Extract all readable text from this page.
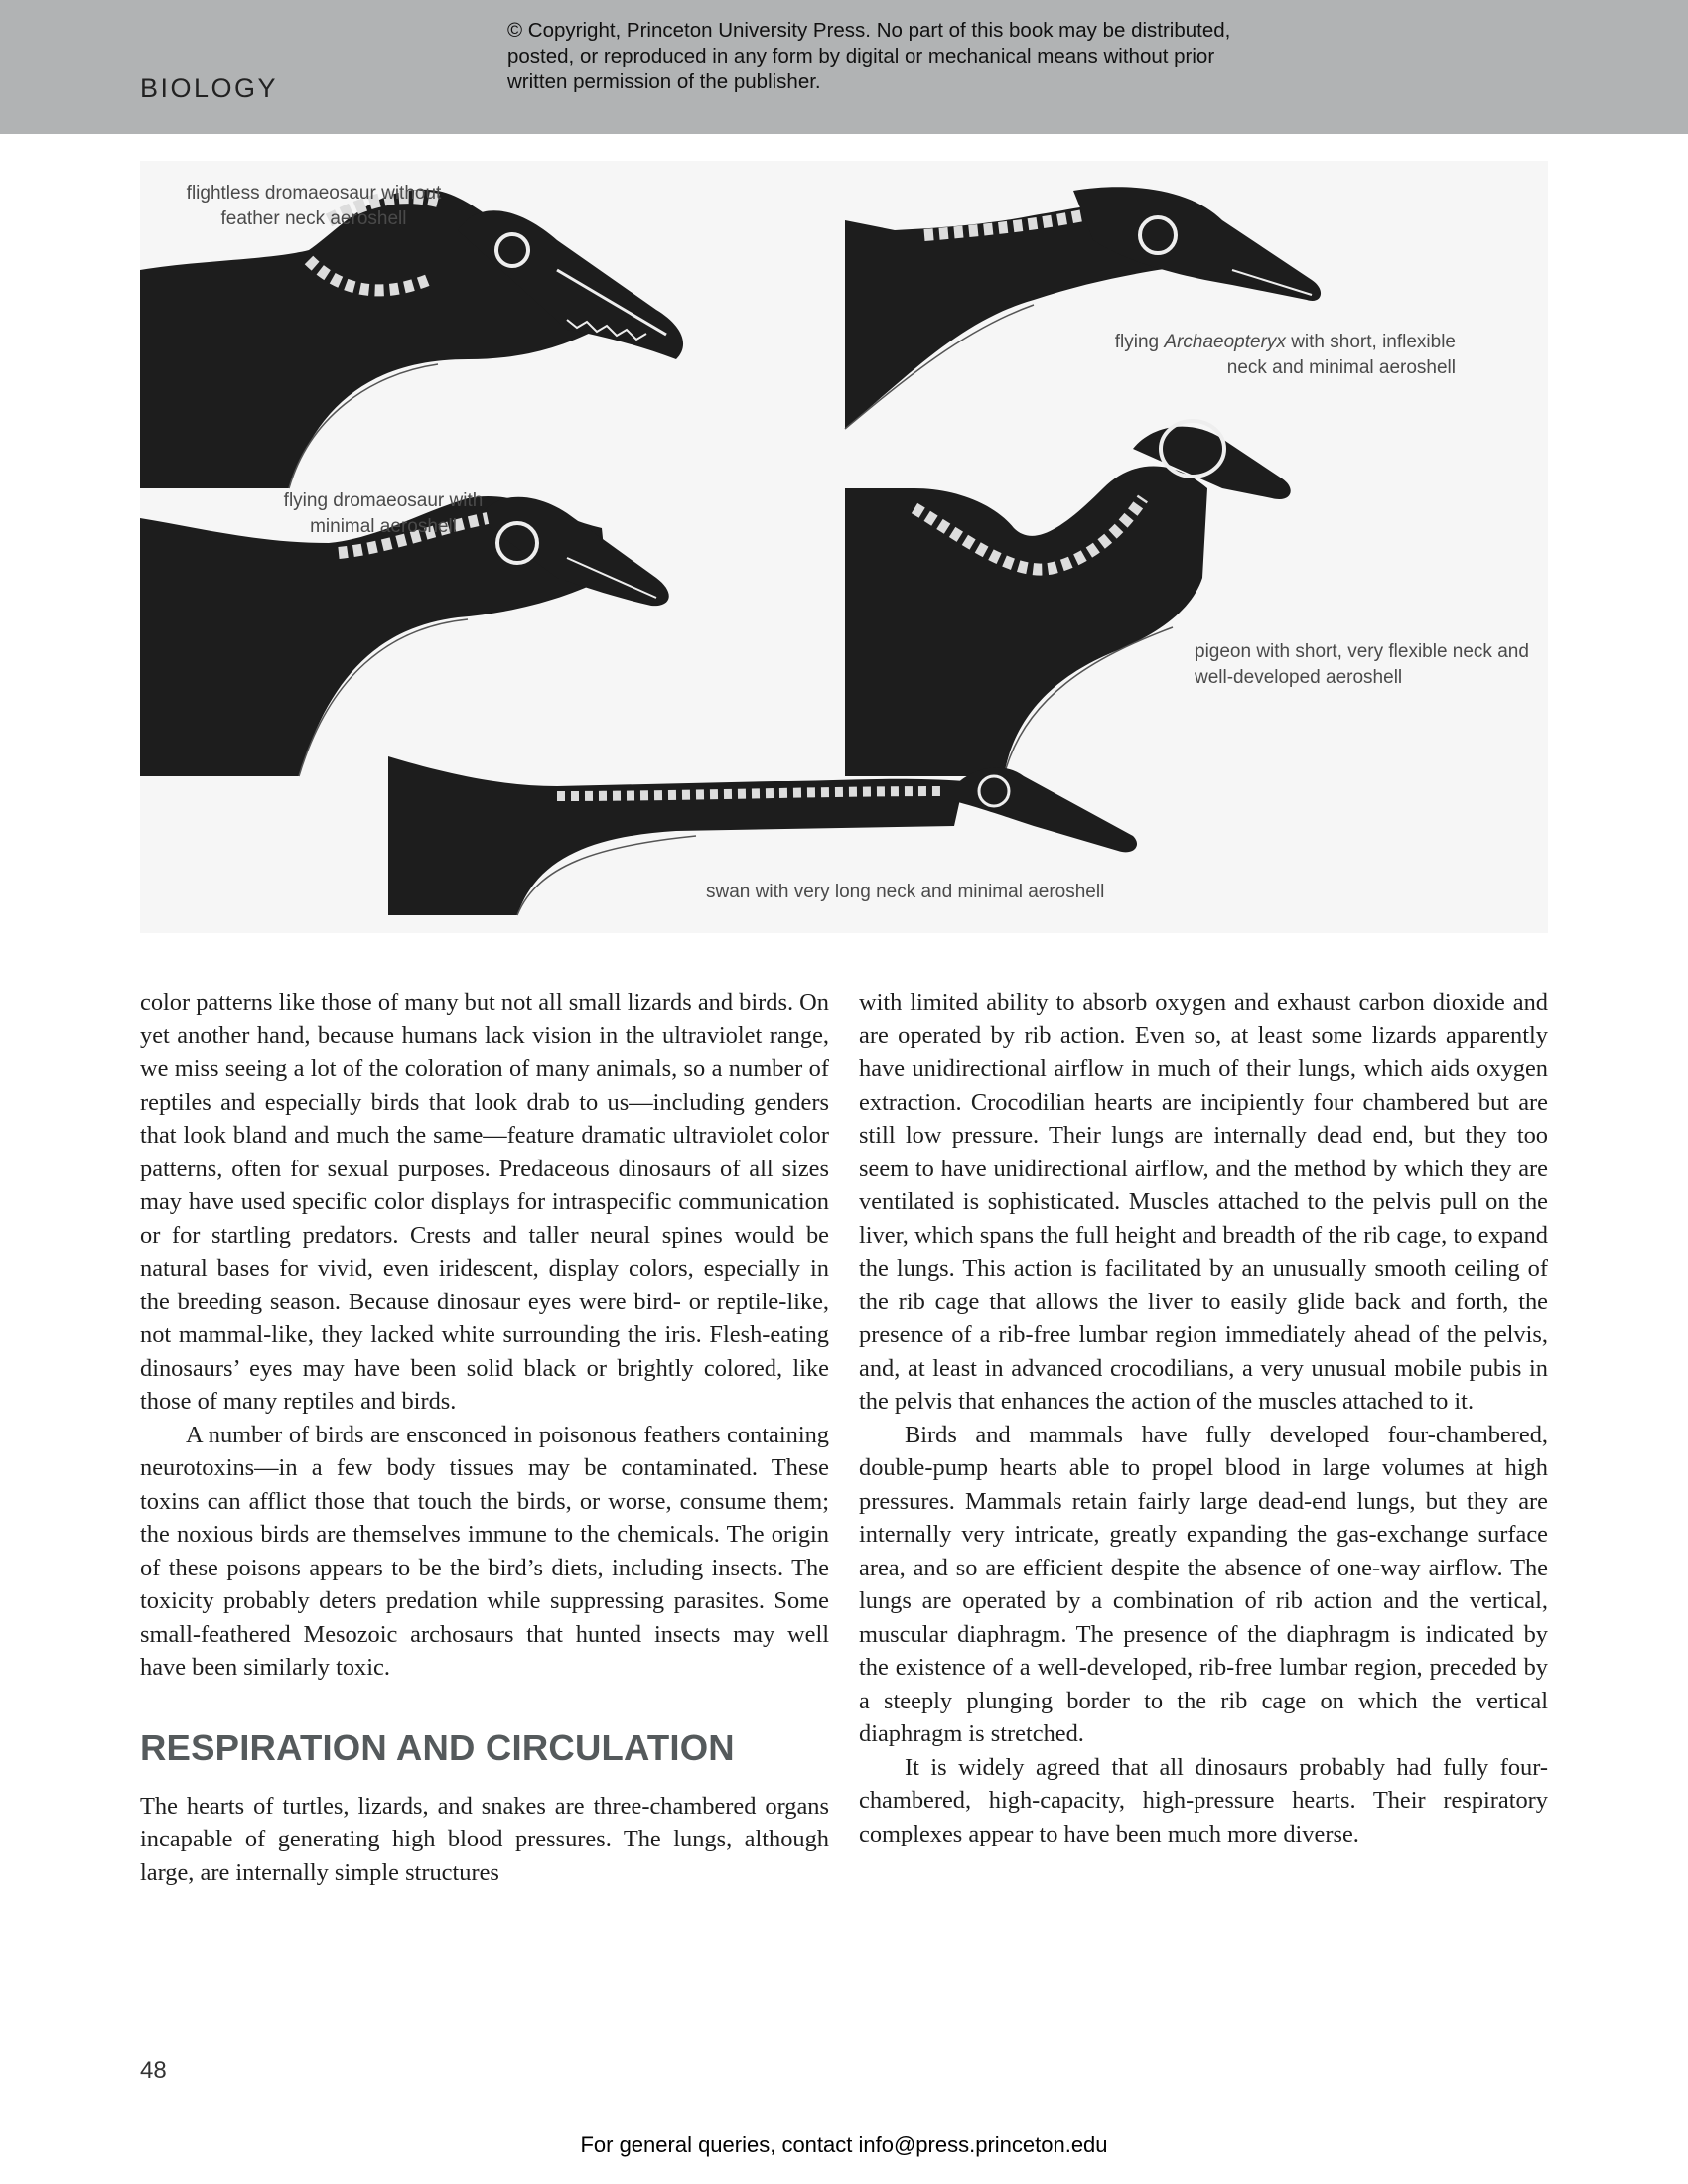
BIOLOGY
© Copyright, Princeton University Press. No part of this book may be distributed, posted, or reproduced in any form by digital or mechanical means without prior written permission of the publisher.
flightless dromaeosaur without feather neck aeroshell
flying Archaeopteryx with short, inflexible neck and minimal aeroshell
flying dromaeosaur with minimal aeroshell
pigeon with short, very flexible neck and well-developed aeroshell
swan with very long neck and minimal aeroshell

color patterns like those of many but not all small lizards and birds. On yet another hand, because humans lack vision in the ultraviolet range, we miss seeing a lot of the coloration of many animals, so a number of reptiles and especially birds that look drab to us—including genders that look bland and much the same—feature dramatic ultraviolet color patterns, often for sexual purposes. Predaceous dinosaurs of all sizes may have used specific color displays for intraspecific communication or for startling predators. Crests and taller neural spines would be natural bases for vivid, even iridescent, display colors, especially in the breeding season. Because dinosaur eyes were bird- or reptile-like, not mammal-like, they lacked white surrounding the iris. Flesh-eating dinosaurs’ eyes may have been solid black or brightly colored, like those of many reptiles and birds.

A number of birds are ensconced in poisonous feathers containing neurotoxins—in a few body tissues may be contaminated. These toxins can afflict those that touch the birds, or worse, consume them; the noxious birds are themselves immune to the chemicals. The origin of these poisons appears to be the bird’s diets, including insects. The toxicity probably deters predation while suppressing parasites. Some small-feathered Mesozoic archosaurs that hunted insects may well have been similarly toxic.

RESPIRATION AND CIRCULATION

The hearts of turtles, lizards, and snakes are three-chambered organs incapable of generating high blood pressures. The lungs, although large, are internally simple structures

with limited ability to absorb oxygen and exhaust carbon dioxide and are operated by rib action. Even so, at least some lizards apparently have unidirectional airflow in much of their lungs, which aids oxygen extraction. Crocodilian hearts are incipiently four chambered but are still low pressure. Their lungs are internally dead end, but they too seem to have unidirectional airflow, and the method by which they are ventilated is sophisticated. Muscles attached to the pelvis pull on the liver, which spans the full height and breadth of the rib cage, to expand the lungs. This action is facilitated by an unusually smooth ceiling of the rib cage that allows the liver to easily glide back and forth, the presence of a rib-free lumbar region immediately ahead of the pelvis, and, at least in advanced crocodilians, a very unusual mobile pubis in the pelvis that enhances the action of the muscles attached to it.

Birds and mammals have fully developed four-chambered, double-pump hearts able to propel blood in large volumes at high pressures. Mammals retain fairly large dead-end lungs, but they are internally very intricate, greatly expanding the gas-exchange surface area, and so are efficient despite the absence of one-way airflow. The lungs are operated by a combination of rib action and the vertical, muscular diaphragm. The presence of the diaphragm is indicated by the existence of a well-developed, rib-free lumbar region, preceded by a steeply plunging border to the rib cage on which the vertical diaphragm is stretched.

It is widely agreed that all dinosaurs probably had fully four-chambered, high-capacity, high-pressure hearts. Their respiratory complexes appear to have been much more diverse.

48
For general queries, contact info@press.princeton.edu
